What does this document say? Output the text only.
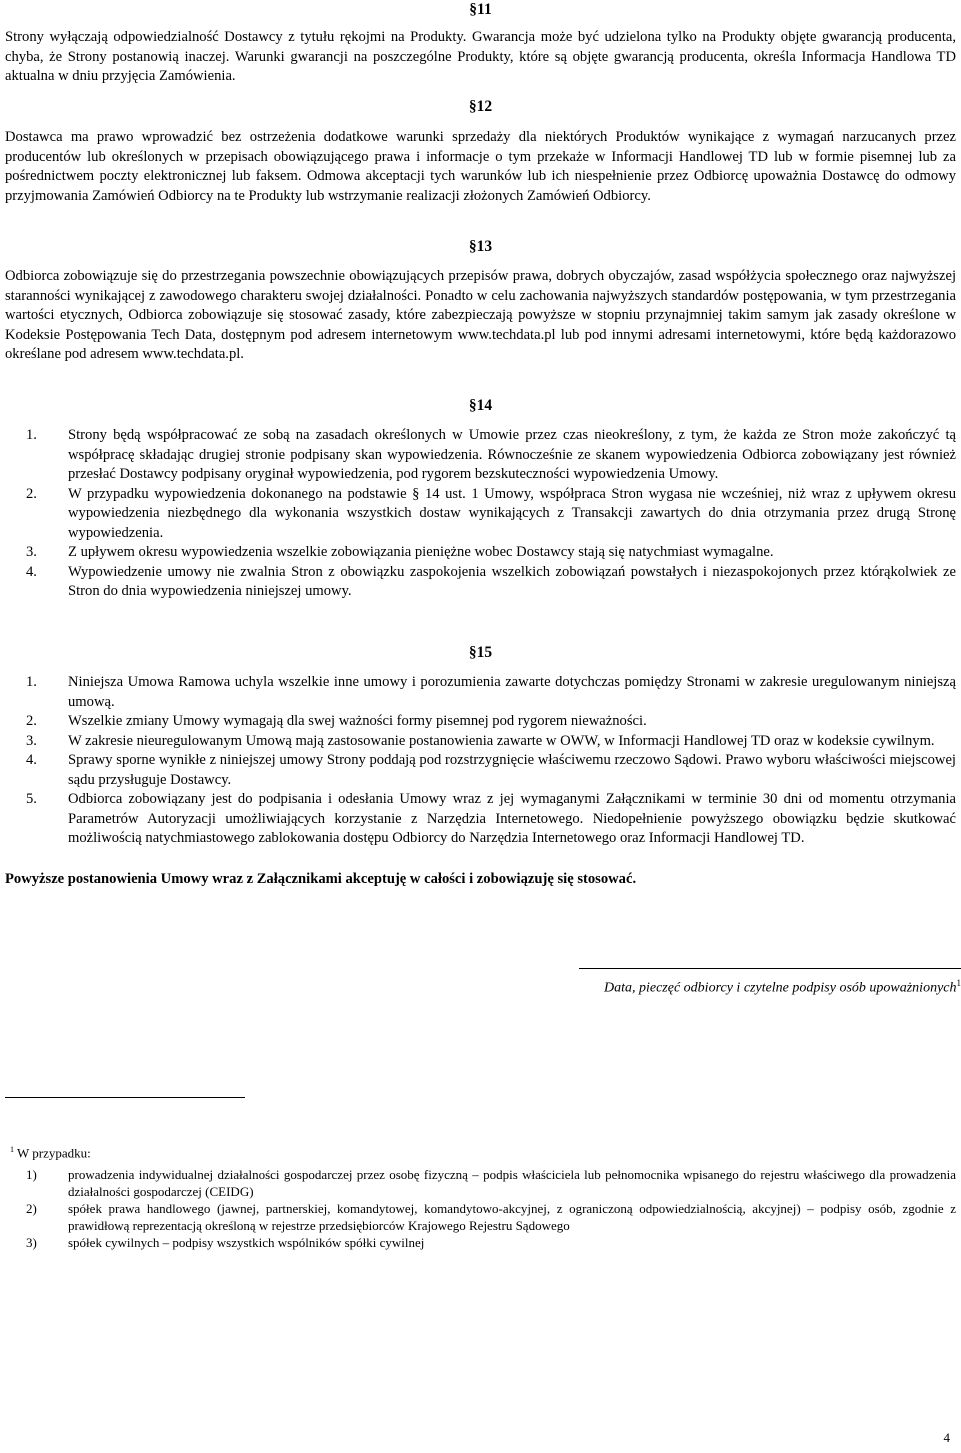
Strony wyłączają odpowiedzialność Dostawcy z tytułu rękojmi na Produkty. Gwarancja może być udzielona tylko na Produkty objęte gwarancją producenta, chyba, że Strony postanowią inaczej. Warunki gwarancji na poszczególne Produkty, które są objęte gwarancją producenta, określa Informacja Handlowa TD aktualna w dniu przyjęcia Zamówienia.

§11
§12

Dostawca ma prawo wprowadzić bez ostrzeżenia dodatkowe warunki sprzedaży dla niektórych Produktów wynikające z wymagań narzucanych przez producentów lub określonych w przepisach obowiązującego prawa i informacje o tym przekaże w Informacji Handlowej TD lub w formie pisemnej lub za pośrednictwem poczty elektronicznej lub faksem. Odmowa akceptacji tych warunków lub ich niespełnienie przez Odbiorcę upoważnia Dostawcę do odmowy przyjmowania Zamówień Odbiorcy na te Produkty lub wstrzymanie realizacji złożonych Zamówień Odbiorcy.

§13

Odbiorca zobowiązuje się do przestrzegania powszechnie obowiązujących przepisów prawa, dobrych obyczajów, zasad współżycia społecznego oraz najwyższej staranności wynikającej z zawodowego charakteru swojej działalności. Ponadto w celu zachowania najwyższych standardów postępowania, w tym przestrzegania wartości etycznych, Odbiorca zobowiązuje się stosować zasady, które zabezpieczają powyższe w stopniu przynajmniej takim samym jak zasady określone w Kodeksie Postępowania Tech Data, dostępnym pod adresem internetowym www.techdata.pl lub pod innymi adresami internetowymi, które będą każdorazowo określane pod adresem www.techdata.pl.

§14
1. Strony będą współpracować ze sobą na zasadach określonych w Umowie przez czas nieokreślony, z tym, że każda ze Stron może zakończyć tą współpracę składając drugiej stronie podpisany skan wypowiedzenia. Równocześnie ze skanem wypowiedzenia Odbiorca zobowiązany jest również przesłać Dostawcy podpisany oryginał wypowiedzenia, pod rygorem bezskuteczności wypowiedzenia Umowy.
2. W przypadku wypowiedzenia dokonanego na podstawie § 14 ust. 1 Umowy, współpraca Stron wygasa nie wcześniej, niż wraz z upływem okresu wypowiedzenia niezbędnego dla wykonania wszystkich dostaw wynikających z Transakcji zawartych do dnia otrzymania przez drugą Stronę wypowiedzenia.
3. Z upływem okresu wypowiedzenia wszelkie zobowiązania pieniężne wobec Dostawcy stają się natychmiast wymagalne.
4. Wypowiedzenie umowy nie zwalnia Stron z obowiązku zaspokojenia wszelkich zobowiązań powstałych i niezaspokojonych przez którąkolwiek ze Stron do dnia wypowiedzenia niniejszej umowy.
§15
1. Niniejsza Umowa Ramowa uchyla wszelkie inne umowy i porozumienia zawarte dotychczas pomiędzy Stronami w zakresie uregulowanym niniejszą umową.
2. Wszelkie zmiany Umowy wymagają dla swej ważności formy pisemnej pod rygorem nieważności.
3. W zakresie nieuregulowanym Umową mają zastosowanie postanowienia zawarte w OWW, w Informacji Handlowej TD oraz w kodeksie cywilnym.
4. Sprawy sporne wynikłe z niniejszej umowy Strony poddają pod rozstrzygnięcie właściwemu rzeczowo Sądowi. Prawo wyboru właściwości miejscowej sądu przysługuje Dostawcy.
5. Odbiorca zobowiązany jest do podpisania i odesłania Umowy wraz z jej wymaganymi Załącznikami w terminie 30 dni od momentu otrzymania Parametrów Autoryzacji umożliwiających korzystanie z Narzędzia Internetowego. Niedopełnienie powyższego obowiązku będzie skutkować możliwością natychmiastowego zablokowania dostępu Odbiorcy do Narzędzia Internetowego oraz Informacji Handlowej TD.
Powyższe postanowienia Umowy wraz z Załącznikami akceptuję w całości i zobowiązuję się stosować.
Data, pieczęć odbiorcy i czytelne podpisy osób upoważnionych$^1$
$^1$ W przypadku:
1) prowadzenia indywidualnej działalności gospodarczej przez osobę fizyczną – podpis właściciela lub pełnomocnika wpisanego do rejestru właściwego dla prowadzenia działalności gospodarczej (CEIDG)
2) spółek prawa handlowego (jawnej, partnerskiej, komandytowej, komandytowo-akcyjnej, z ograniczoną odpowiedzialnością, akcyjnej) – podpisy osób, zgodnie z prawidłową reprezentacją określoną w rejestrze przedsiębiorców Krajowego Rejestru Sądowego
3) spółek cywilnych – podpisy wszystkich wspólników spółki cywilnej
4
